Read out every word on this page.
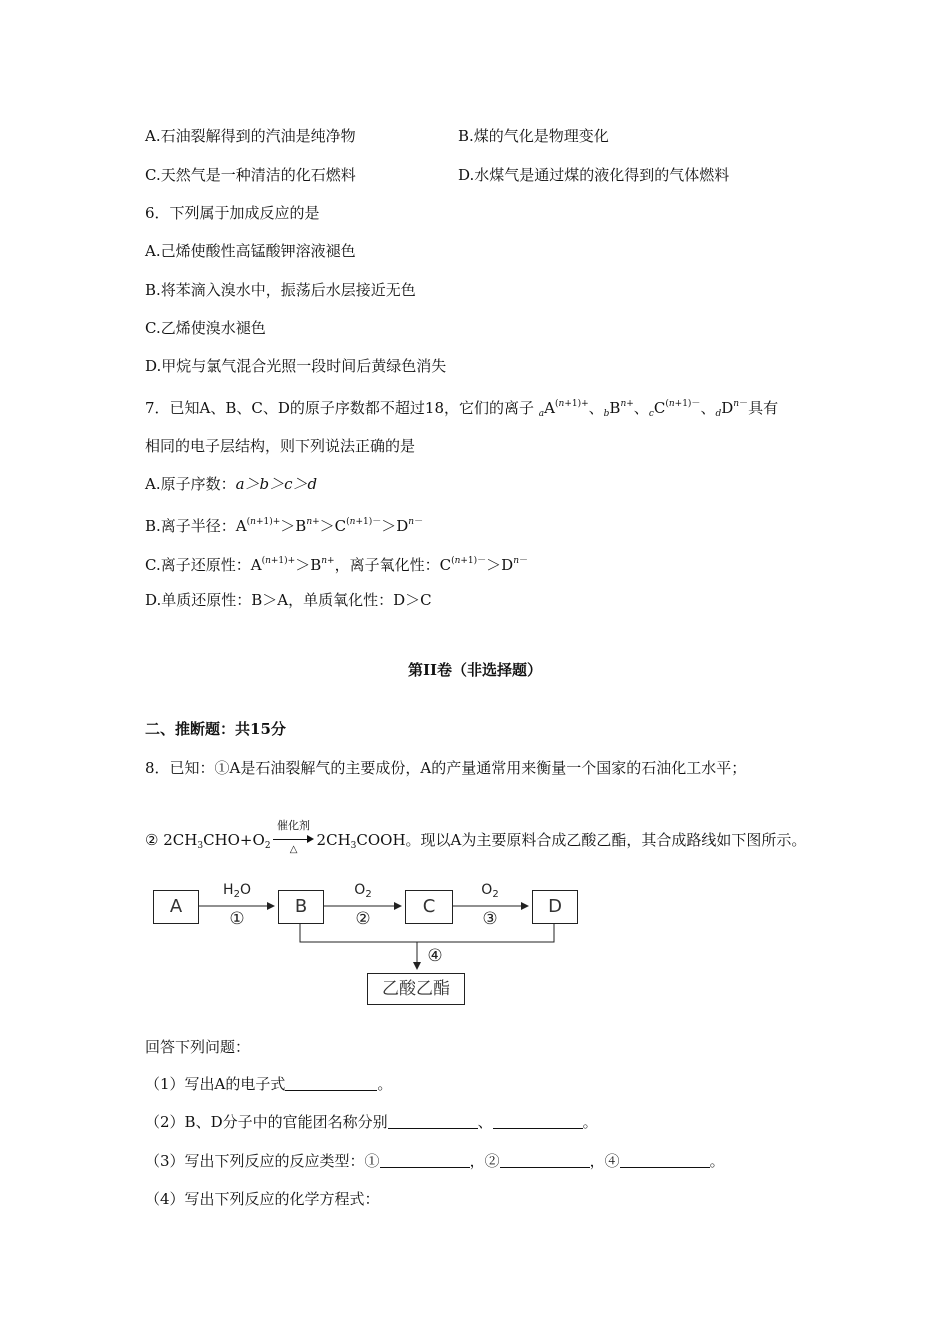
A.石油裂解得到的汽油是纯净物	B.煤的气化是物理变化
C.天然气是一种清洁的化石燃料	D.水煤气是通过煤的液化得到的气体燃料
6．下列属于加成反应的是
A.己烯使酸性高锰酸钾溶液褪色
B.将苯滴入溴水中，振荡后水层接近无色
C.乙烯使溴水褪色
D.甲烷与氯气混合光照一段时间后黄绿色消失
7．已知A、B、C、D的原子序数都不超过18，它们的离子 $_aA^{(n+1)+}$、$_bB^{n+}$、$_cC^{(n+1)-}$、$_dD^{n-}$具有
相同的电子层结构，则下列说法正确的是
A.原子序数：a＞b＞c＞d
B.离子半径：$A^{(n+1)+}>B^{n+}>C^{(n+1)-}>D^{n-}$
C.离子还原性：$A^{(n+1)+}>B^{n+}$，离子氧化性：$C^{(n+1)-}>D^{n-}$
D.单质还原性：B＞A，单质氧化性：D＞C
第II卷（非选择题）
二、推断题：共15分
8．已知：①A是石油裂解气的主要成份，A的产量通常用来衡量一个国家的石油化工水平；
② $2CH_3CHO+O_2$
催化剂
△
$2CH_3COOH$。现以A为主要原料合成乙酸乙酯，其合成路线如下图所示。
A	B	C	D
乙酸乙酯
$H_2O$
①
$O_2$
②
$O_2$
③
④
回答下列问题：
（1）写出A的电子式	。
（2）B、D分子中的官能团名称分别	、	。
（3）写出下列反应的反应类型：①	，②	，④	。
（4）写出下列反应的化学方程式：
